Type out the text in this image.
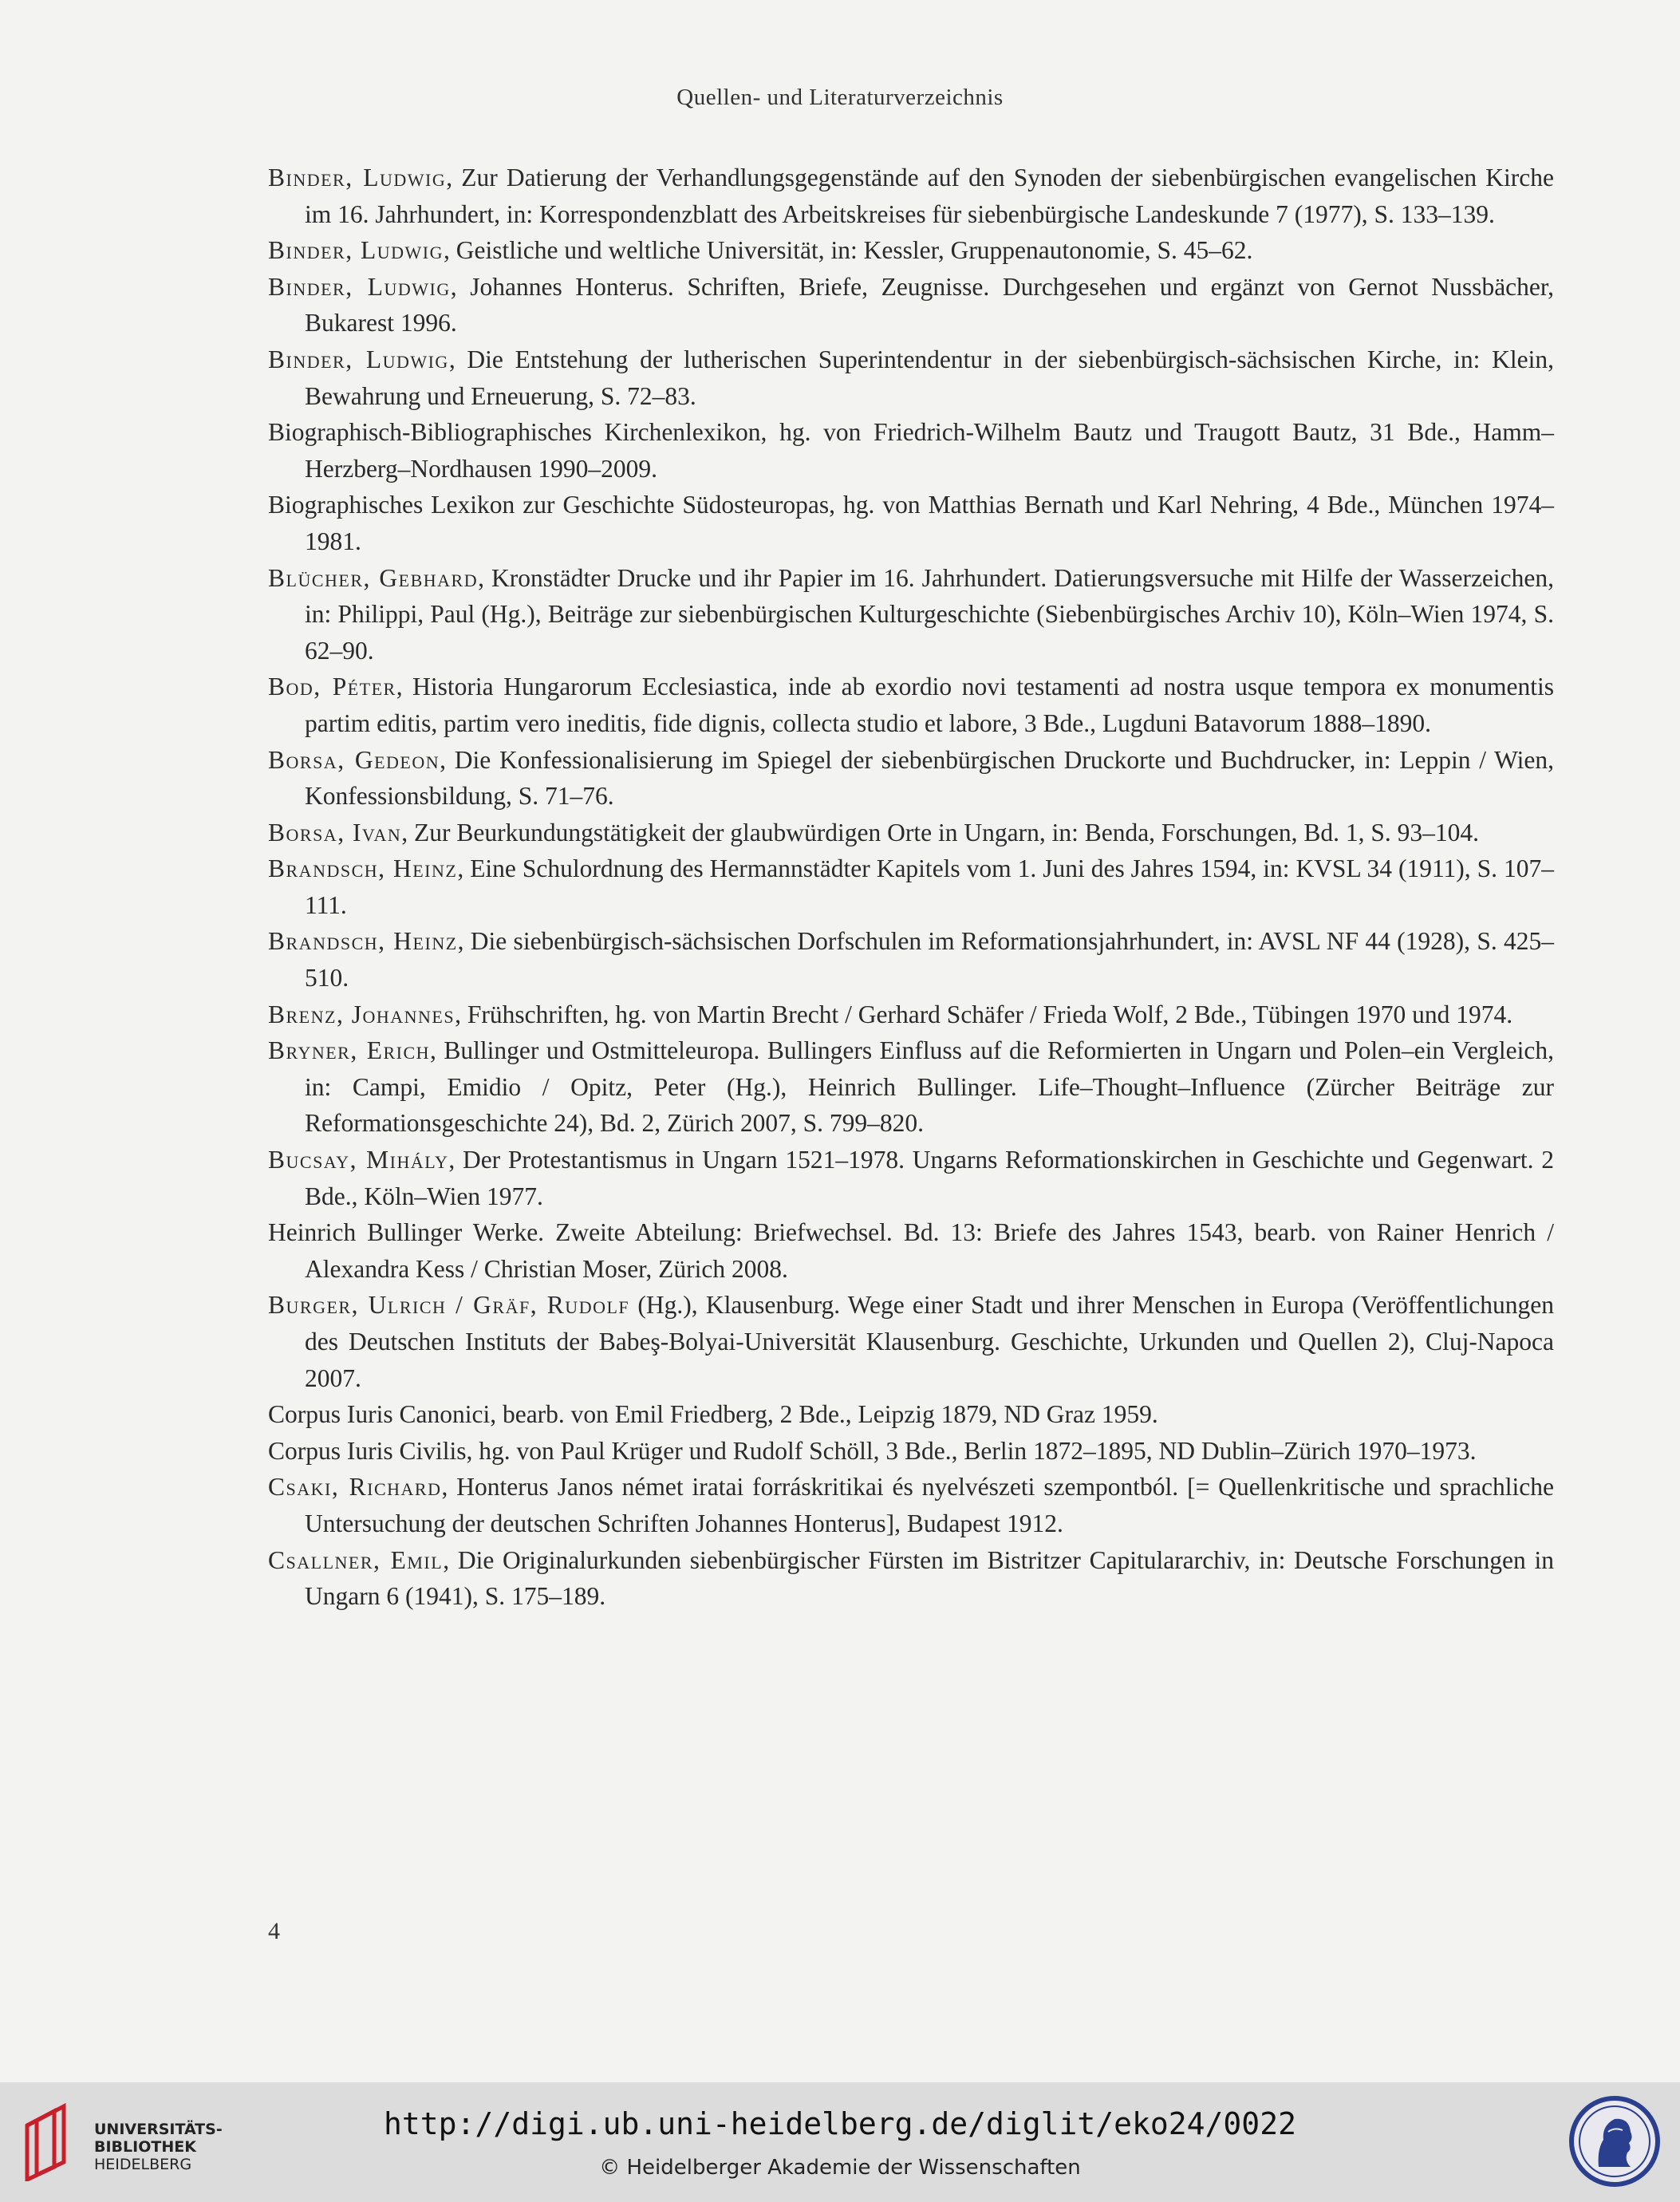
Quellen- und Literaturverzeichnis

Binder, Ludwig, Zur Datierung der Verhandlungsgegenstände auf den Synoden der siebenbürgischen evangelischen Kirche im 16. Jahrhundert, in: Korrespondenzblatt des Arbeitskreises für siebenbürgische Landeskunde 7 (1977), S. 133–139.

Binder, Ludwig, Geistliche und weltliche Universität, in: Kessler, Gruppenautonomie, S. 45–62.

Binder, Ludwig, Johannes Honterus. Schriften, Briefe, Zeugnisse. Durchgesehen und ergänzt von Gernot Nussbächer, Bukarest 1996.

Binder, Ludwig, Die Entstehung der lutherischen Superintendentur in der siebenbürgisch-sächsischen Kirche, in: Klein, Bewahrung und Erneuerung, S. 72–83.

Biographisch-Bibliographisches Kirchenlexikon, hg. von Friedrich-Wilhelm Bautz und Traugott Bautz, 31 Bde., Hamm–Herzberg–Nordhausen 1990–2009.

Biographisches Lexikon zur Geschichte Südosteuropas, hg. von Matthias Bernath und Karl Nehring, 4 Bde., München 1974–1981.

Blücher, Gebhard, Kronstädter Drucke und ihr Papier im 16. Jahrhundert. Datierungsversuche mit Hilfe der Wasserzeichen, in: Philippi, Paul (Hg.), Beiträge zur siebenbürgischen Kulturgeschichte (Siebenbürgisches Archiv 10), Köln–Wien 1974, S. 62–90.

Bod, Péter, Historia Hungarorum Ecclesiastica, inde ab exordio novi testamenti ad nostra usque tempora ex monumentis partim editis, partim vero ineditis, fide dignis, collecta studio et labore, 3 Bde., Lugduni Batavorum 1888–1890.

Borsa, Gedeon, Die Konfessionalisierung im Spiegel der siebenbürgischen Druckorte und Buchdrucker, in: Leppin / Wien, Konfessionsbildung, S. 71–76.

Borsa, Ivan, Zur Beurkundungstätigkeit der glaubwürdigen Orte in Ungarn, in: Benda, Forschungen, Bd. 1, S. 93–104.

Brandsch, Heinz, Eine Schulordnung des Hermannstädter Kapitels vom 1. Juni des Jahres 1594, in: KVSL 34 (1911), S. 107–111.

Brandsch, Heinz, Die siebenbürgisch-sächsischen Dorfschulen im Reformationsjahrhundert, in: AVSL NF 44 (1928), S. 425–510.

Brenz, Johannes, Frühschriften, hg. von Martin Brecht / Gerhard Schäfer / Frieda Wolf, 2 Bde., Tübingen 1970 und 1974.

Bryner, Erich, Bullinger und Ostmitteleuropa. Bullingers Einfluss auf die Reformierten in Ungarn und Polen–ein Vergleich, in: Campi, Emidio / Opitz, Peter (Hg.), Heinrich Bullinger. Life–Thought–Influence (Zürcher Beiträge zur Reformationsgeschichte 24), Bd. 2, Zürich 2007, S. 799–820.

Bucsay, Mihály, Der Protestantismus in Ungarn 1521–1978. Ungarns Reformationskirchen in Geschichte und Gegenwart. 2 Bde., Köln–Wien 1977.

Heinrich Bullinger Werke. Zweite Abteilung: Briefwechsel. Bd. 13: Briefe des Jahres 1543, bearb. von Rainer Henrich / Alexandra Kess / Christian Moser, Zürich 2008.

Burger, Ulrich / Gräf, Rudolf (Hg.), Klausenburg. Wege einer Stadt und ihrer Menschen in Europa (Veröffentlichungen des Deutschen Instituts der Babeş-Bolyai-Universität Klausenburg. Geschichte, Urkunden und Quellen 2), Cluj-Napoca 2007.

Corpus Iuris Canonici, bearb. von Emil Friedberg, 2 Bde., Leipzig 1879, ND Graz 1959.

Corpus Iuris Civilis, hg. von Paul Krüger und Rudolf Schöll, 3 Bde., Berlin 1872–1895, ND Dublin–Zürich 1970–1973.

Csaki, Richard, Honterus Janos német iratai forráskritikai és nyelvészeti szempontból. [= Quellenkritische und sprachliche Untersuchung der deutschen Schriften Johannes Honterus], Budapest 1912.

Csallner, Emil, Die Originalurkunden siebenbürgischer Fürsten im Bistritzer Capitulararchiv, in: Deutsche Forschungen in Ungarn 6 (1941), S. 175–189.

4
UNIVERSITÄTS-
BIBLIOTHEK
HEIDELBERG
http://digi.ub.uni-heidelberg.de/diglit/eko24/0022
© Heidelberger Akademie der Wissenschaften
